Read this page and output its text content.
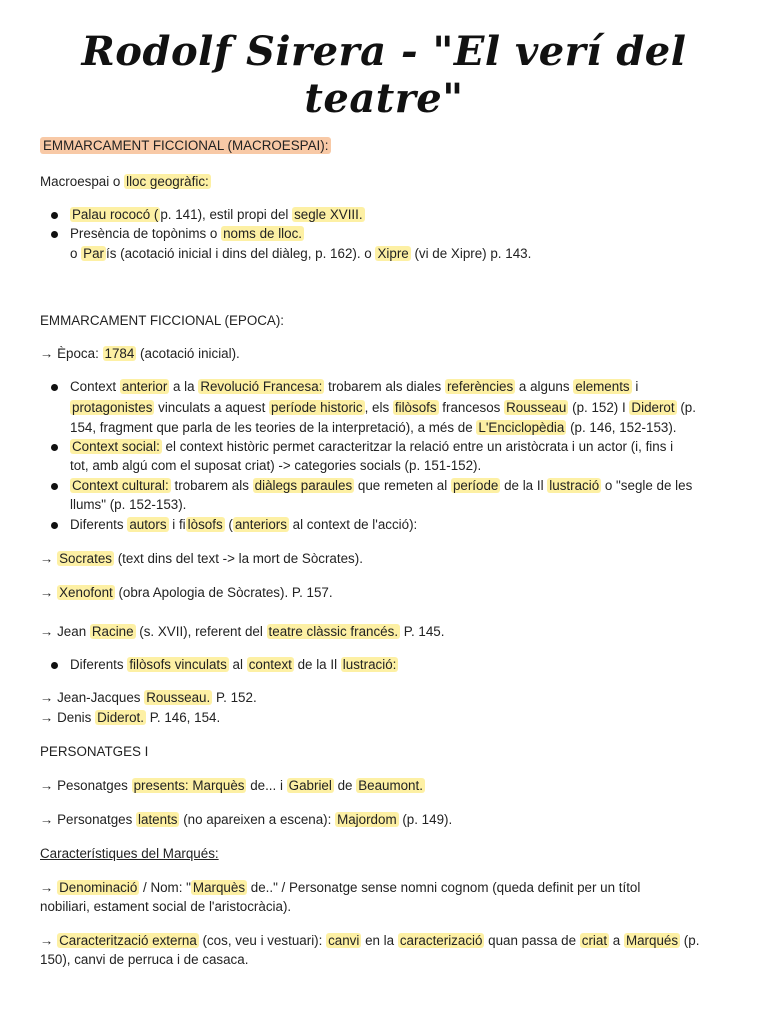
Rodolf Sirera - "El verí del teatre"
EMMARCAMENT FICCIONAL (MACROESPAI):
Macroespai o lloc geogràfic:
Palau rococó ( p. 141), estil propi del segle XVIII.
Presència de topònims o noms de lloc.
o Par ís (acotació inicial i dins del diàleg, p. 162). o Xipre (vi de Xipre) p. 143.
EMMARCAMENT FICCIONAL (EPOCA):
→ Època: 1784 (acotació inicial).
Context anterior a la Revolució Francesa: trobarem als diales referències a alguns elements i
protagonistes vinculats a aquest període historic , els filòsofs francesos Rousseau (p. 152) I Diderot (p.
154, fragment que parla de les teories de la interpretació), a més de L'Enciclopèdia (p. 146, 152-153).
Context social: el context històric permet caracteritzar la relació entre un aristòcrata i un actor (i, fins i
tot, amb algú com el suposat criat) -> categories socials (p. 151-152).
Context cultural: trobarem als diàlegs paraules que remeten al període de la Il lustració o "segle de les
llums" (p. 152-153).
Diferents autors i fi lòsofs ( anteriors al context de l'acció):
→ Socrates (text dins del text -> la mort de Sòcrates).
→ Xenofont (obra Apologia de Sòcrates). P. 157.
→ Jean Racine (s. XVII), referent del teatre clàssic francés. P. 145.
Diferents filòsofs vinculats al context de la Il lustració:
→ Jean-Jacques Rousseau. P. 152.
→ Denis Diderot. P. 146, 154.
PERSONATGES I
→ Pesonatges presents: Marquès de... i Gabriel de Beaumont.
→ Personatges latents (no apareixen a escena): Majordom (p. 149).
Característiques del Marqués:
→ Denominació / Nom: " Marquès de.." / Personatge sense nomni cognom (queda definit per un títol
nobiliari, estament social de l'aristocràcia).
→ Caracterització externa (cos, veu i vestuari): canvi en la caracterizació quan passa de criat a Marqués (p.
150), canvi de perruca i de casaca.
